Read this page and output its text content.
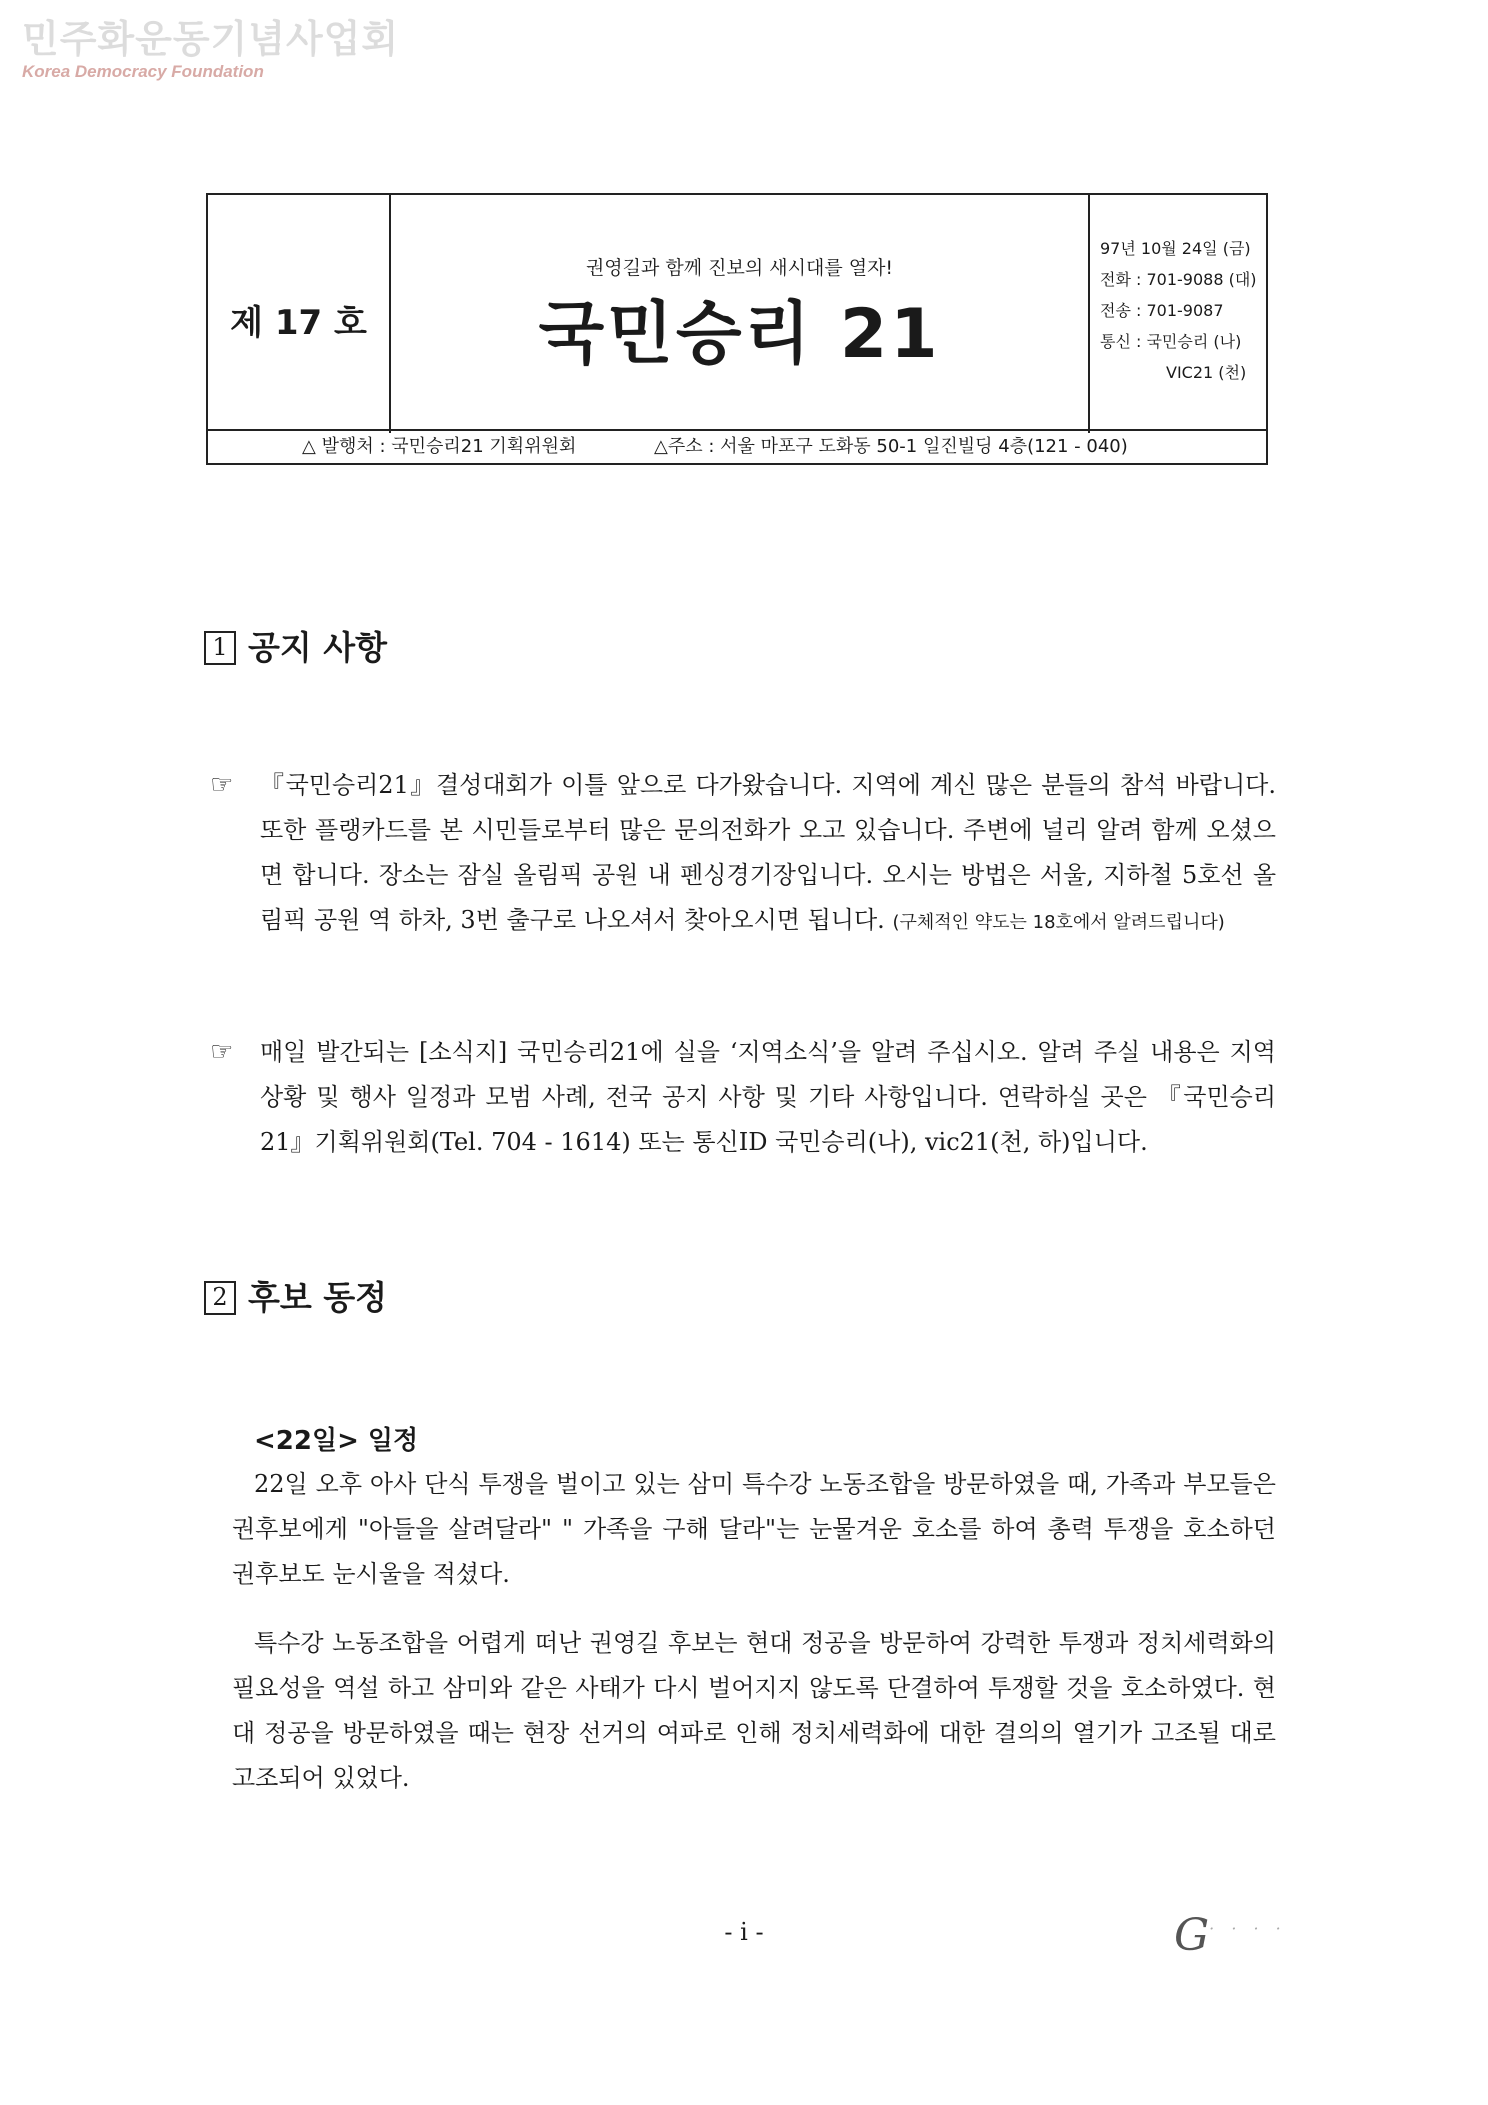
민주화운동기념사업회
Korea Democracy Foundation
제 17 호
권영길과 함께 진보의 새시대를 열자!
국민승리 21
97년 10월 24일 (금)
전화 : 701-9088 (대)
전송 : 701-9087
통신 : 국민승리 (나)
VIC21 (천)
△ 발행처 : 국민승리21 기획위원회	△주소 : 서울 마포구 도화동 50-1 일진빌딩 4층(121 - 040)
1 공지 사항
☞ 『국민승리21』결성대회가 이틀 앞으로 다가왔습니다. 지역에 계신 많은 분들의 참석 바랍니다. 또한 플랭카드를 본 시민들로부터 많은 문의전화가 오고 있습니다. 주변에 널리 알려 함께 오셨으면 합니다. 장소는 잠실 올림픽 공원 내 펜싱경기장입니다. 오시는 방법은 서울, 지하철 5호선 올림픽 공원 역 하차, 3번 출구로 나오셔서 찾아오시면 됩니다. (구체적인 약도는 18호에서 알려드립니다)
☞ 매일 발간되는 [소식지] 국민승리21에 실을 ‘지역소식’을 알려 주십시오. 알려 주실 내용은 지역 상황 및 행사 일정과 모범 사례, 전국 공지 사항 및 기타 사항입니다. 연락하실 곳은 『국민승리21』기획위원회(Tel. 704 - 1614) 또는 통신ID 국민승리(나), vic21(천, 하)입니다.
2 후보 동정
<22일> 일정
22일 오후 아사 단식 투쟁을 벌이고 있는 삼미 특수강 노동조합을 방문하였을 때, 가족과 부모들은 권후보에게 "아들을 살려달라" " 가족을 구해 달라"는 눈물겨운 호소를 하여 총력 투쟁을 호소하던 권후보도 눈시울을 적셨다.
특수강 노동조합을 어렵게 떠난 권영길 후보는 현대 정공을 방문하여 강력한 투쟁과 정치세력화의 필요성을 역설 하고 삼미와 같은 사태가 다시 벌어지지 않도록 단결하여 투쟁할 것을 호소하였다. 현대 정공을 방문하였을 때는 현장 선거의 여파로 인해 정치세력화에 대한 결의의 열기가 고조될 대로 고조되어 있었다.
- i -	G· · · ·
